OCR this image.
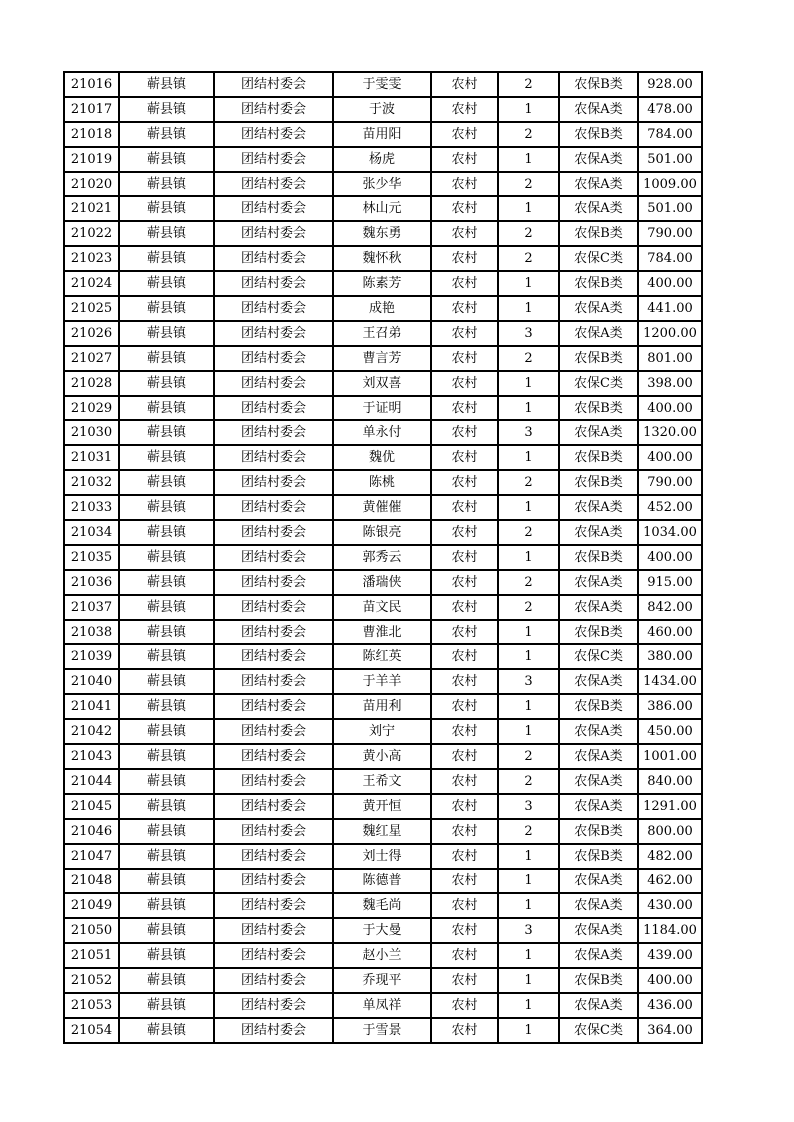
21016	蕲县镇	团结村委会	于雯雯	农村	2	农保B类	928.00
21017	蕲县镇	团结村委会	于波	农村	1	农保A类	478.00
21018	蕲县镇	团结村委会	苗用阳	农村	2	农保B类	784.00
21019	蕲县镇	团结村委会	杨虎	农村	1	农保A类	501.00
21020	蕲县镇	团结村委会	张少华	农村	2	农保A类	1009.00
21021	蕲县镇	团结村委会	林山元	农村	1	农保A类	501.00
21022	蕲县镇	团结村委会	魏东勇	农村	2	农保B类	790.00
21023	蕲县镇	团结村委会	魏怀秋	农村	2	农保C类	784.00
21024	蕲县镇	团结村委会	陈素芳	农村	1	农保B类	400.00
21025	蕲县镇	团结村委会	成艳	农村	1	农保A类	441.00
21026	蕲县镇	团结村委会	王召弟	农村	3	农保A类	1200.00
21027	蕲县镇	团结村委会	曹言芳	农村	2	农保B类	801.00
21028	蕲县镇	团结村委会	刘双喜	农村	1	农保C类	398.00
21029	蕲县镇	团结村委会	于证明	农村	1	农保B类	400.00
21030	蕲县镇	团结村委会	单永付	农村	3	农保A类	1320.00
21031	蕲县镇	团结村委会	魏优	农村	1	农保B类	400.00
21032	蕲县镇	团结村委会	陈桃	农村	2	农保B类	790.00
21033	蕲县镇	团结村委会	黄催催	农村	1	农保A类	452.00
21034	蕲县镇	团结村委会	陈银亮	农村	2	农保A类	1034.00
21035	蕲县镇	团结村委会	郭秀云	农村	1	农保B类	400.00
21036	蕲县镇	团结村委会	潘瑞侠	农村	2	农保A类	915.00
21037	蕲县镇	团结村委会	苗文民	农村	2	农保A类	842.00
21038	蕲县镇	团结村委会	曹淮北	农村	1	农保B类	460.00
21039	蕲县镇	团结村委会	陈红英	农村	1	农保C类	380.00
21040	蕲县镇	团结村委会	于羊羊	农村	3	农保A类	1434.00
21041	蕲县镇	团结村委会	苗用利	农村	1	农保B类	386.00
21042	蕲县镇	团结村委会	刘宁	农村	1	农保A类	450.00
21043	蕲县镇	团结村委会	黄小高	农村	2	农保A类	1001.00
21044	蕲县镇	团结村委会	王希文	农村	2	农保A类	840.00
21045	蕲县镇	团结村委会	黄开恒	农村	3	农保A类	1291.00
21046	蕲县镇	团结村委会	魏红星	农村	2	农保B类	800.00
21047	蕲县镇	团结村委会	刘士得	农村	1	农保B类	482.00
21048	蕲县镇	团结村委会	陈德普	农村	1	农保A类	462.00
21049	蕲县镇	团结村委会	魏毛尚	农村	1	农保A类	430.00
21050	蕲县镇	团结村委会	于大曼	农村	3	农保A类	1184.00
21051	蕲县镇	团结村委会	赵小兰	农村	1	农保A类	439.00
21052	蕲县镇	团结村委会	乔现平	农村	1	农保B类	400.00
21053	蕲县镇	团结村委会	单凤祥	农村	1	农保A类	436.00
21054	蕲县镇	团结村委会	于雪景	农村	1	农保C类	364.00
